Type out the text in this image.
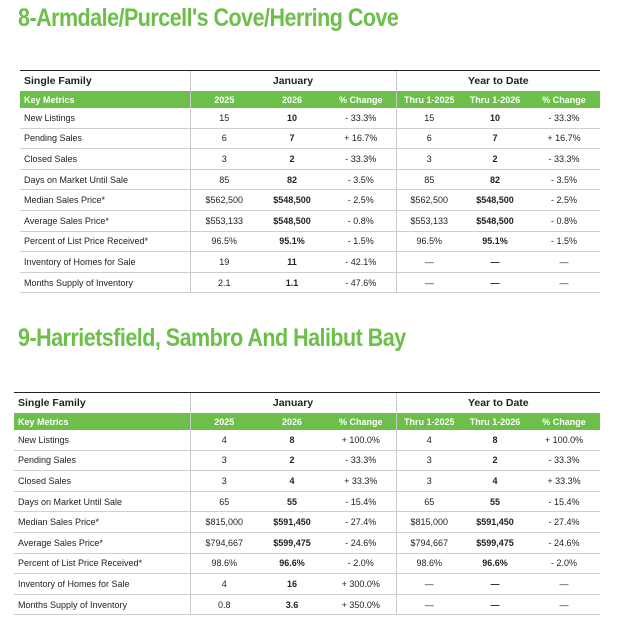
8-Armdale/Purcell's Cove/Herring Cove
Single Family	January			Year to Date		
Key Metrics	2025	2026	% Change	Thru 1-2025	Thru 1-2026	% Change
New Listings	15	10	- 33.3%	15	10	- 33.3%
Pending Sales	6	7	+ 16.7%	6	7	+ 16.7%
Closed Sales	3	2	- 33.3%	3	2	- 33.3%
Days on Market Until Sale	85	82	- 3.5%	85	82	- 3.5%
Median Sales Price*	$562,500	$548,500	- 2.5%	$562,500	$548,500	- 2.5%
Average Sales Price*	$553,133	$548,500	- 0.8%	$553,133	$548,500	- 0.8%
Percent of List Price Received*	96.5%	95.1%	- 1.5%	96.5%	95.1%	- 1.5%
Inventory of Homes for Sale	19	11	- 42.1%	—	—	—
Months Supply of Inventory	2.1	1.1	- 47.6%	—	—	—
9-Harrietsfield, Sambro And Halibut Bay
Single Family	January			Year to Date		
Key Metrics	2025	2026	% Change	Thru 1-2025	Thru 1-2026	% Change
New Listings	4	8	+ 100.0%	4	8	+ 100.0%
Pending Sales	3	2	- 33.3%	3	2	- 33.3%
Closed Sales	3	4	+ 33.3%	3	4	+ 33.3%
Days on Market Until Sale	65	55	- 15.4%	65	55	- 15.4%
Median Sales Price*	$815,000	$591,450	- 27.4%	$815,000	$591,450	- 27.4%
Average Sales Price*	$794,667	$599,475	- 24.6%	$794,667	$599,475	- 24.6%
Percent of List Price Received*	98.6%	96.6%	- 2.0%	98.6%	96.6%	- 2.0%
Inventory of Homes for Sale	4	16	+ 300.0%	—	—	—
Months Supply of Inventory	0.8	3.6	+ 350.0%	—	—	—
